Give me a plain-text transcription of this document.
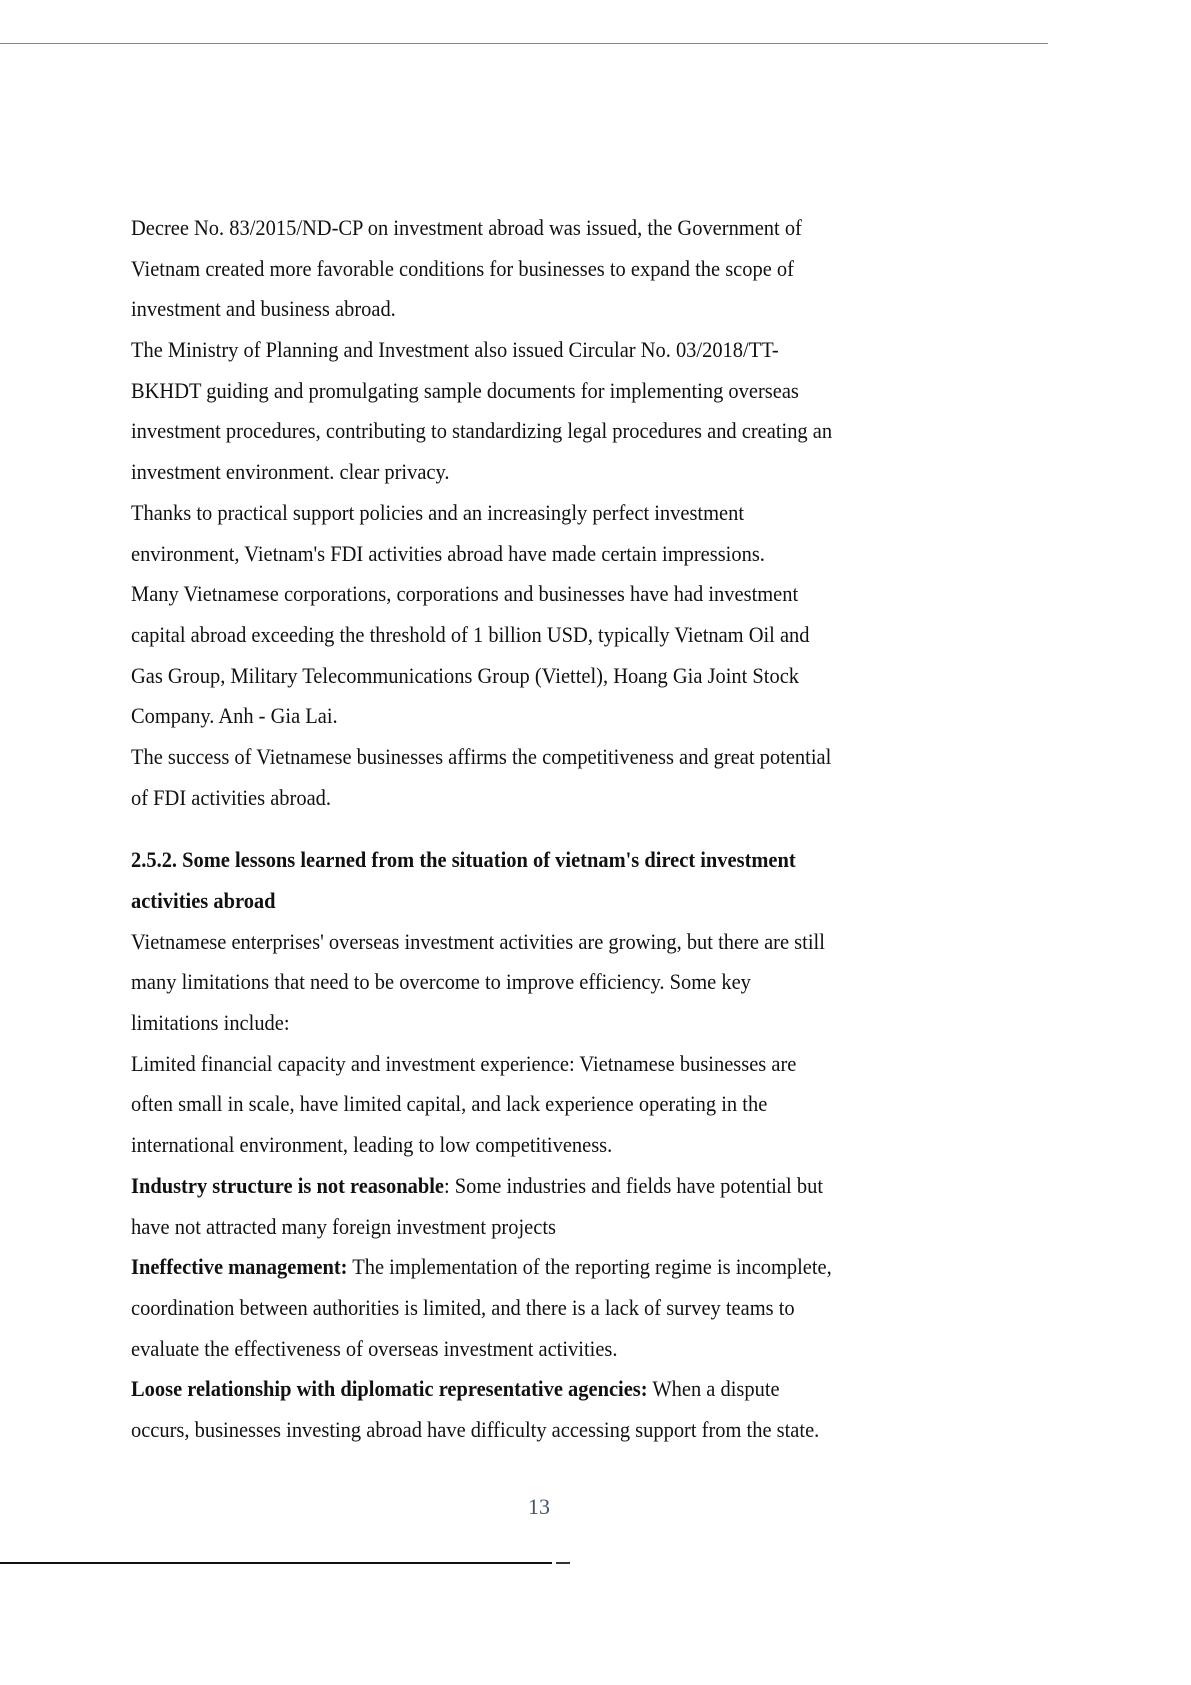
Decree No. 83/2015/ND-CP on investment abroad was issued, the Government of
Vietnam created more favorable conditions for businesses to expand the scope of
investment and business abroad.
The Ministry of Planning and Investment also issued Circular No. 03/2018/TT-
BKHDT guiding and promulgating sample documents for implementing overseas
investment procedures, contributing to standardizing legal procedures and creating an
investment environment. clear privacy.
Thanks to practical support policies and an increasingly perfect investment
environment, Vietnam's FDI activities abroad have made certain impressions.
Many Vietnamese corporations, corporations and businesses have had investment
capital abroad exceeding the threshold of 1 billion USD, typically Vietnam Oil and
Gas Group, Military Telecommunications Group (Viettel), Hoang Gia Joint Stock
Company. Anh - Gia Lai.
The success of Vietnamese businesses affirms the competitiveness and great potential
of FDI activities abroad.
2.5.2. Some lessons learned from the situation of vietnam's direct investment
activities abroad
Vietnamese enterprises' overseas investment activities are growing, but there are still
many limitations that need to be overcome to improve efficiency. Some key
limitations include:
Limited financial capacity and investment experience: Vietnamese businesses are
often small in scale, have limited capital, and lack experience operating in the
international environment, leading to low competitiveness.
Industry structure is not reasonable: Some industries and fields have potential but
have not attracted many foreign investment projects
Ineffective management: The implementation of the reporting regime is incomplete,
coordination between authorities is limited, and there is a lack of survey teams to
evaluate the effectiveness of overseas investment activities.
Loose relationship with diplomatic representative agencies: When a dispute
occurs, businesses investing abroad have difficulty accessing support from the state.
13
